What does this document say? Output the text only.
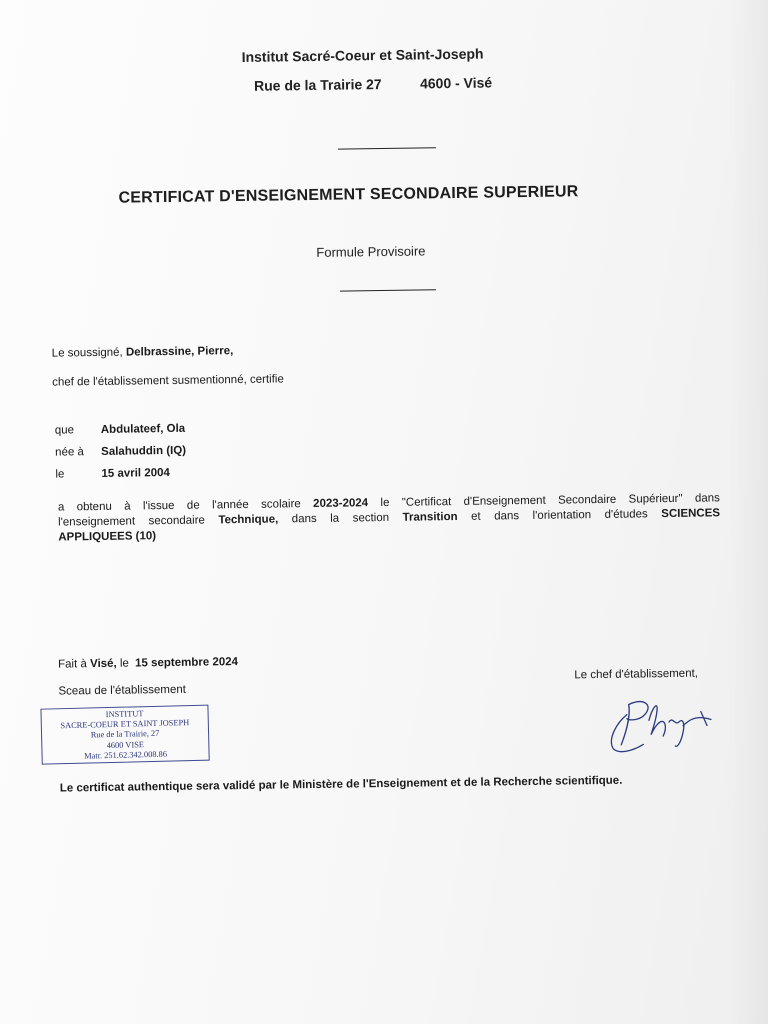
Institut Sacré-Coeur et Saint-Joseph
Rue de la Trairie 27	4600 - Visé
CERTIFICAT D'ENSEIGNEMENT SECONDAIRE SUPERIEUR
Formule Provisoire
Le soussigné, Delbrassine, Pierre,
chef de l'établissement susmentionné, certifie
que Abdulateef, Ola
née à Salahuddin (IQ)
le	15 avril 2004
a obtenu à l'issue de l'année scolaire 2023-2024 le "Certificat d'Enseignement Secondaire Supérieur" dans
l'enseignement secondaire Technique, dans la section Transition et dans l'orientation d'études SCIENCES
APPLIQUEES (10)
Fait à Visé, le 15 septembre 2024
Sceau de l'établissement
Le chef d'établissement,
INSTITUT
SACRE-COEUR ET SAINT JOSEPH
Rue de la Trairie, 27
4600 VISE
Matr. 251.62.342.008.86
Le certificat authentique sera validé par le Ministère de l'Enseignement et de la Recherche scientifique.
